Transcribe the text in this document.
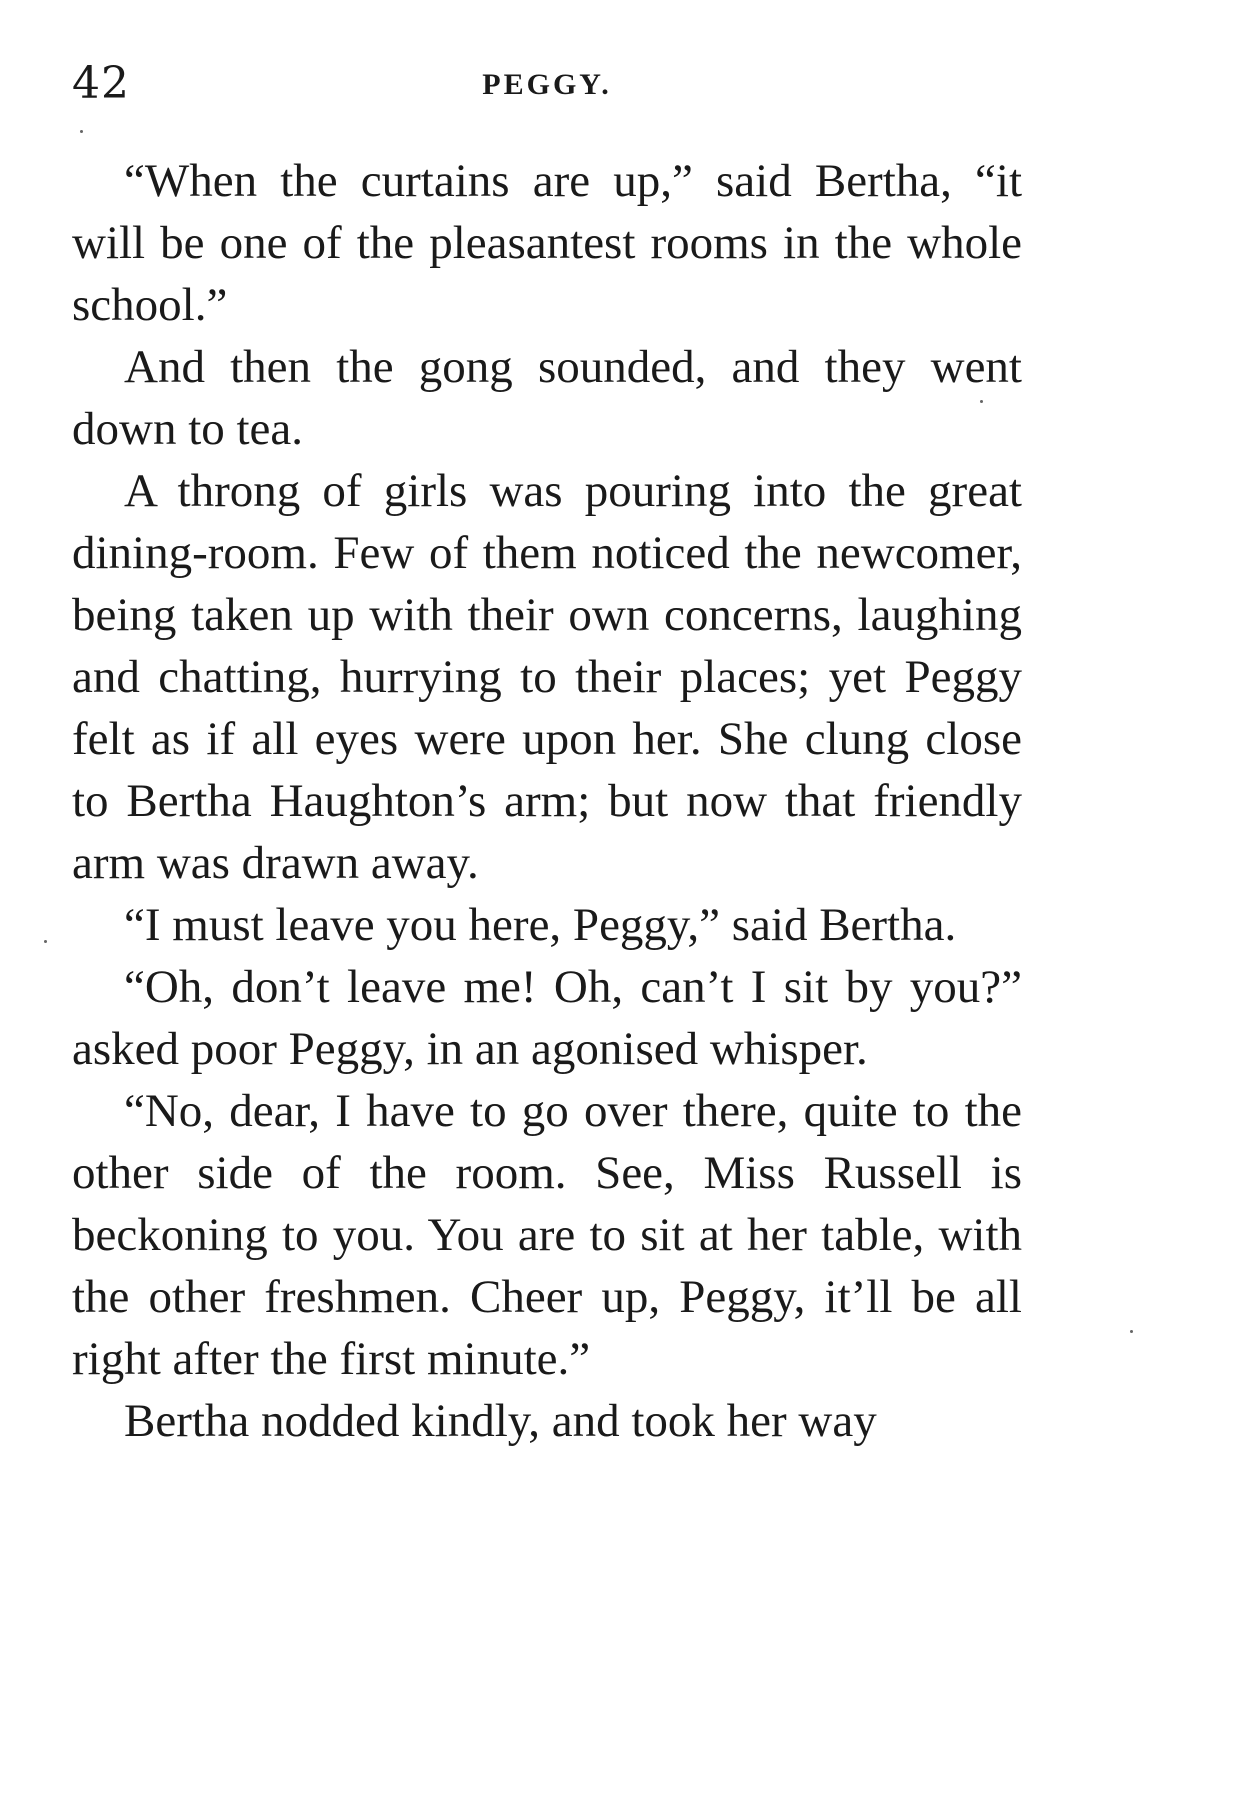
42	PEGGY.

“When the curtains are up,” said Bertha, “it will be one of the pleasantest rooms in the whole school.”

And then the gong sounded, and they went down to tea.

A throng of girls was pouring into the great dining-room. Few of them noticed the newcomer, being taken up with their own concerns, laughing and chatting, hurrying to their places; yet Peggy felt as if all eyes were upon her. She clung close to Bertha Haughton’s arm; but now that friendly arm was drawn away.

“I must leave you here, Peggy,” said Bertha.

“Oh, don’t leave me! Oh, can’t I sit by you?” asked poor Peggy, in an agonised whisper.

“No, dear, I have to go over there, quite to the other side of the room. See, Miss Russell is beckoning to you. You are to sit at her table, with the other freshmen. Cheer up, Peggy, it’ll be all right after the first minute.”

Bertha nodded kindly, and took her way
